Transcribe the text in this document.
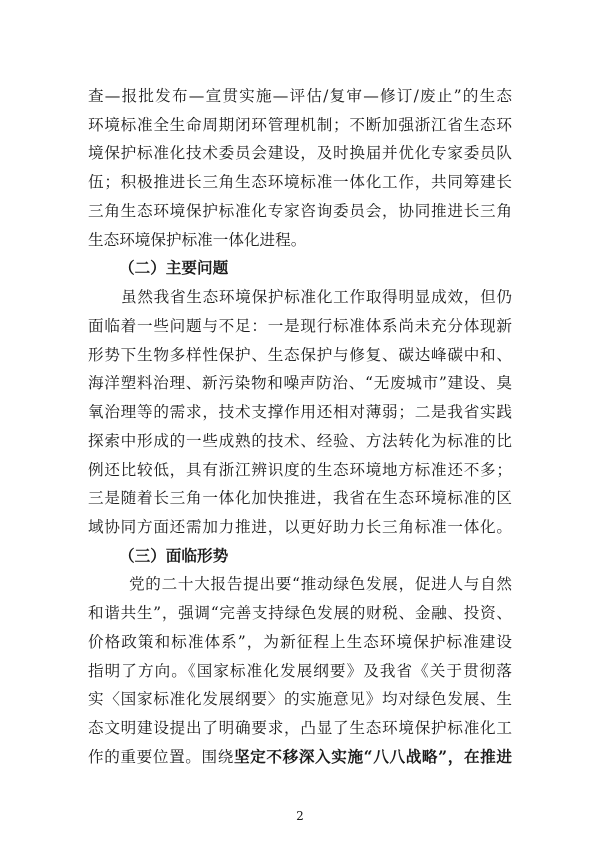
查—报批发布—宣贯实施—评估/复审—修订/废止”的生态
环境标准全生命周期闭环管理机制；不断加强浙江省生态环
境保护标准化技术委员会建设，及时换届并优化专家委员队
伍；积极推进长三角生态环境标准一体化工作，共同筹建长
三角生态环境保护标准化专家咨询委员会，协同推进长三角
生态环境保护标准一体化进程。
（二）主要问题
虽然我省生态环境保护标准化工作取得明显成效，但仍
面临着一些问题与不足：一是现行标准体系尚未充分体现新
形势下生物多样性保护、生态保护与修复、碳达峰碳中和、
海洋塑料治理、新污染物和噪声防治、“无废城市”建设、臭
氧治理等的需求，技术支撑作用还相对薄弱；二是我省实践
探索中形成的一些成熟的技术、经验、方法转化为标准的比
例还比较低，具有浙江辨识度的生态环境地方标准还不多；
三是随着长三角一体化加快推进，我省在生态环境标准的区
域协同方面还需加力推进，以更好助力长三角标准一体化。
（三）面临形势
党的二十大报告提出要“推动绿色发展，促进人与自然
和谐共生”，强调“完善支持绿色发展的财税、金融、投资、
价格政策和标准体系”，为新征程上生态环境保护标准建设
指明了方向。《国家标准化发展纲要》及我省《关于贯彻落
实〈国家标准化发展纲要〉的实施意见》均对绿色发展、生
态文明建设提出了明确要求，凸显了生态环境保护标准化工
作的重要位置。围绕坚定不移深入实施“八八战略”，在推进
2
